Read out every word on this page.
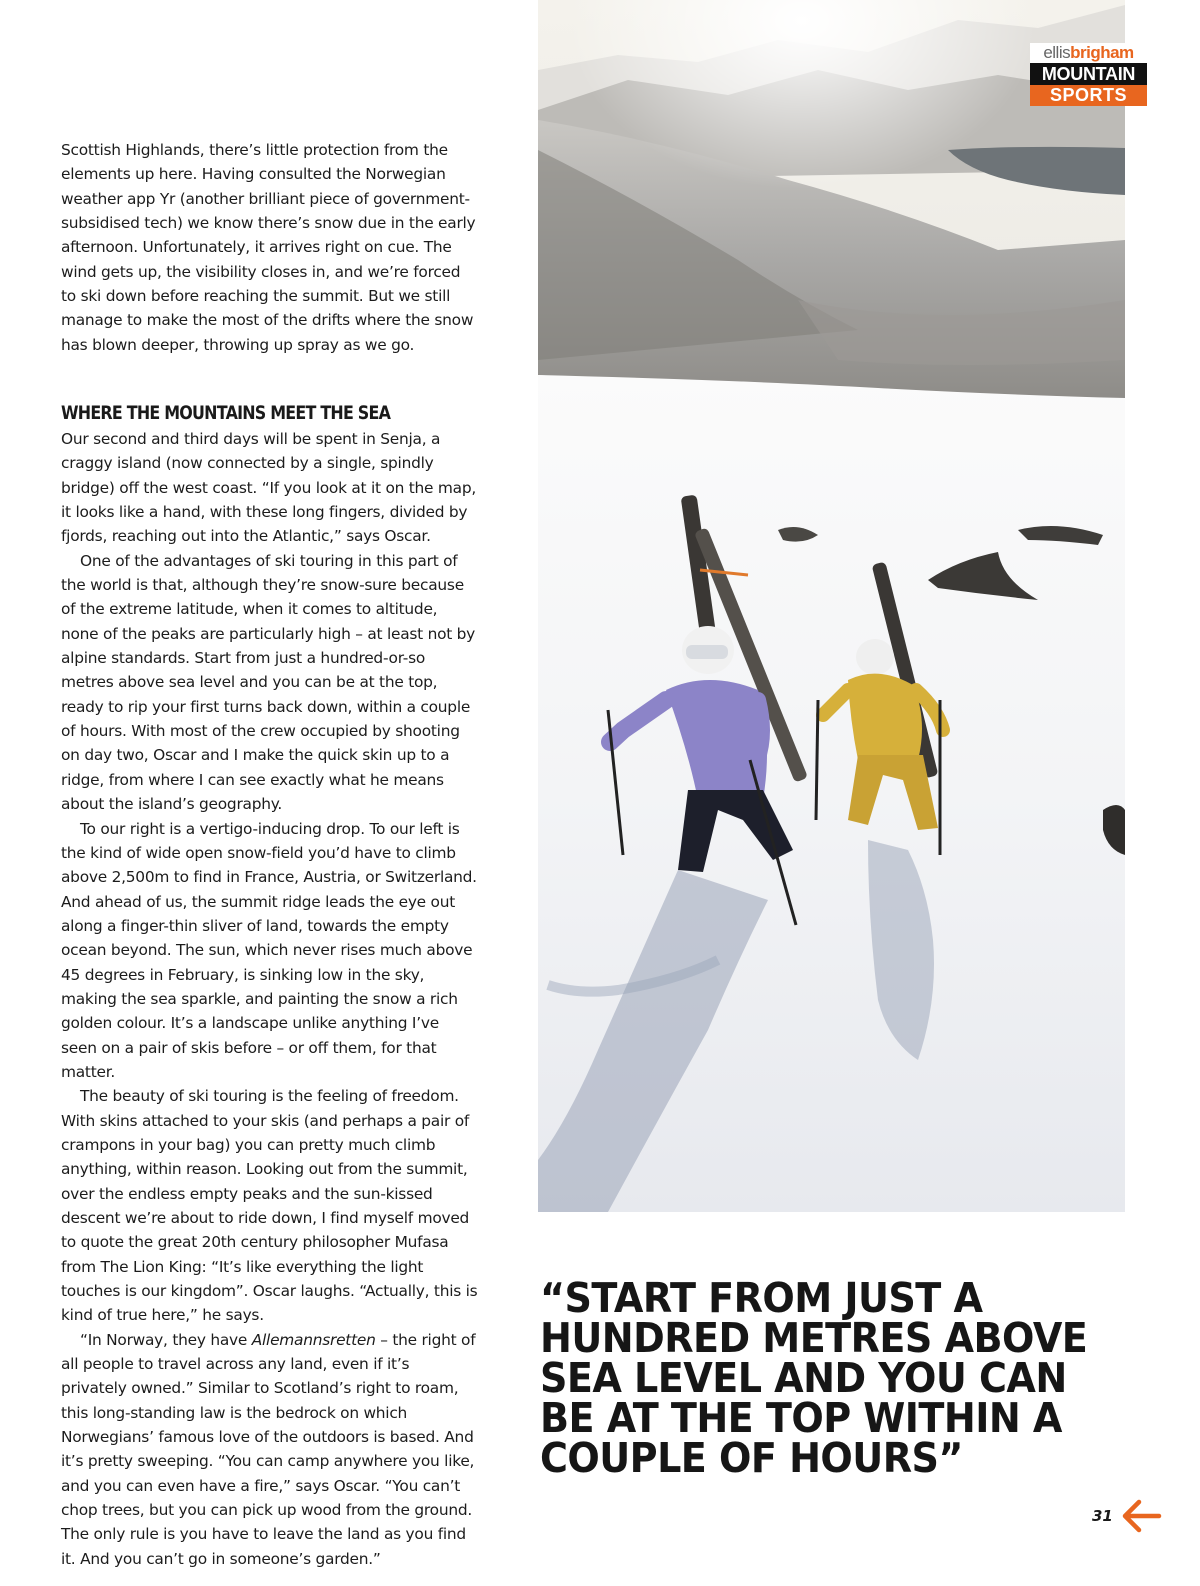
Scottish Highlands, there’s little protection from the elements up here. Having consulted the Norwegian weather app Yr (another brilliant piece of government-subsidised tech) we know there’s snow due in the early afternoon. Unfortunately, it arrives right on cue. The wind gets up, the visibility closes in, and we’re forced to ski down before reaching the summit. But we still manage to make the most of the drifts where the snow has blown deeper, throwing up spray as we go.

WHERE THE MOUNTAINS MEET THE SEA

Our second and third days will be spent in Senja, a craggy island (now connected by a single, spindly bridge) off the west coast. “If you look at it on the map, it looks like a hand, with these long fingers, divided by fjords, reaching out into the Atlantic,” says Oscar.

One of the advantages of ski touring in this part of the world is that, although they’re snow-sure because of the extreme latitude, when it comes to altitude, none of the peaks are particularly high – at least not by alpine standards. Start from just a hundred-or-so metres above sea level and you can be at the top, ready to rip your first turns back down, within a couple of hours. With most of the crew occupied by shooting on day two, Oscar and I make the quick skin up to a ridge, from where I can see exactly what he means about the island’s geography.

To our right is a vertigo-inducing drop. To our left is the kind of wide open snow-field you’d have to climb above 2,500m to find in France, Austria, or Switzerland. And ahead of us, the summit ridge leads the eye out along a finger-thin sliver of land, towards the empty ocean beyond. The sun, which never rises much above 45 degrees in February, is sinking low in the sky, making the sea sparkle, and painting the snow a rich golden colour. It’s a landscape unlike anything I’ve seen on a pair of skis before – or off them, for that matter.

The beauty of ski touring is the feeling of freedom. With skins attached to your skis (and perhaps a pair of crampons in your bag) you can pretty much climb anything, within reason. Looking out from the summit, over the endless empty peaks and the sun-kissed descent we’re about to ride down, I find myself moved to quote the great 20th century philosopher Mufasa from The Lion King: “It’s like everything the light touches is our kingdom”. Oscar laughs. “Actually, this is kind of true here,” he says.

“In Norway, they have Allemannsretten – the right of all people to travel across any land, even if it’s privately owned.” Similar to Scotland’s right to roam, this long-standing law is the bedrock on which Norwegians’ famous love of the outdoors is based. And it’s pretty sweeping. “You can camp anywhere you like, and you can even have a fire,” says Oscar. “You can’t chop trees, but you can pick up wood from the ground. The only rule is you have to leave the land as you find it. And you can’t go in someone’s garden.”

ellisbrigham
MOUNTAIN
SPORTS
“START FROM JUST A
HUNDRED METRES ABOVE
SEA LEVEL AND YOU CAN
BE AT THE TOP WITHIN A
COUPLE OF HOURS”
31
